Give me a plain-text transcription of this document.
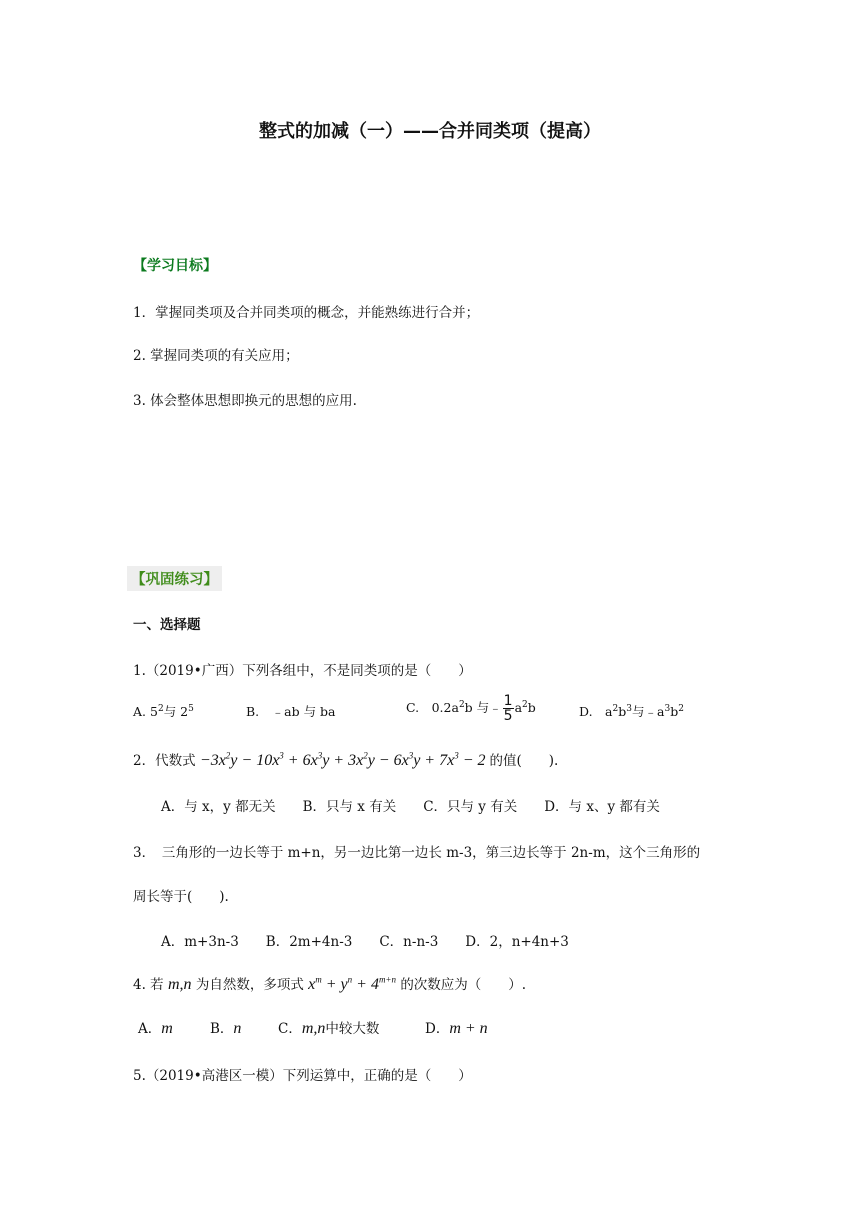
整式的加减（一）——合并同类项（提高）
【学习目标】
1．掌握同类项及合并同类项的概念，并能熟练进行合并；
2. 掌握同类项的有关应用；
3. 体会整体思想即换元的思想的应用.
【巩固练习】
一、选择题
1.（2019•广西）下列各组中，不是同类项的是（　　）
A. $5^2$与 $2^5$	B.　﹣ab 与 ba	C.　$0.2a^2b$ 与﹣ $\frac{1}{5} a^2b$	D.　$a^2b^3$与$﹣a^3b^2$
2．代数式 $-3x^2y - 10x^3 + 6x^3y + 3x^2y - 6x^3y + 7x^3 - 2$ 的值(　　).
A．与 x，y 都无关　　B．只与 x 有关　　C．只与 y 有关　　D．与 x、y 都有关
3．　三角形的一边长等于 m+n，另一边比第一边长 m-3，第三边长等于 2n-m，这个三角形的
周长等于(　　).
A．m+3n-3　　B．2m+4n-3　　C．n-n-3　　D．2，n+4n+3
4. 若 m,n 为自然数，多项式 $x^m + y^n + 4^{m+n}$ 的次数应为（　　）.
A．m	B．n	C．m,n中较大数	D．m + n
5.（2019•高港区一模）下列运算中，正确的是（　　）
